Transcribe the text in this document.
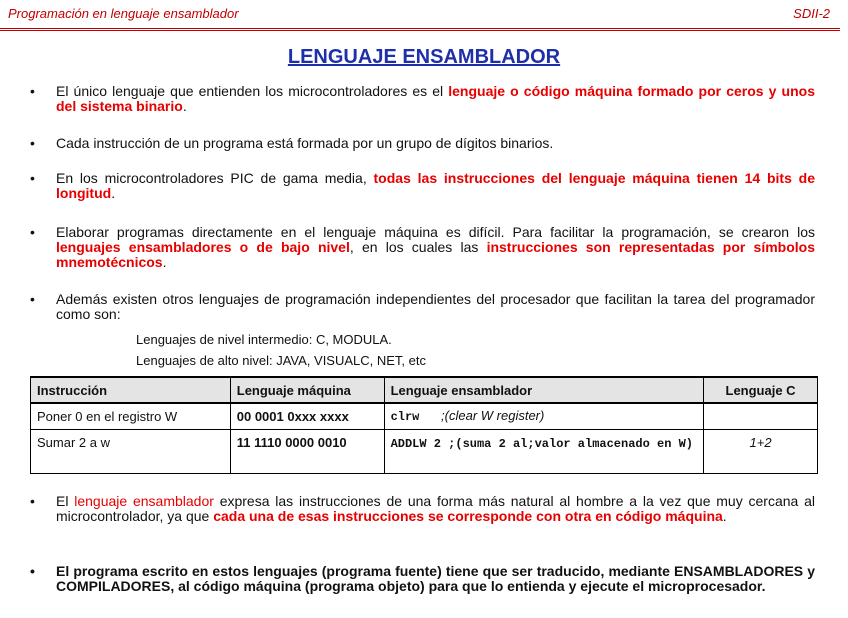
Programación en lenguaje ensamblador	SDII-2
LENGUAJE ENSAMBLADOR
• El único lenguaje que entienden los microcontroladores es el lenguaje o código máquina formado por ceros y unos del sistema binario.
• Cada instrucción de un programa está formada por un grupo de dígitos binarios.
• En los microcontroladores PIC de gama media, todas las instrucciones del lenguaje máquina tienen 14 bits de longitud.
• Elaborar programas directamente en el lenguaje máquina es difícil. Para facilitar la programación, se crearon los lenguajes ensambladores o de bajo nivel, en los cuales las instrucciones son representadas por símbolos mnemotécnicos.
• Además existen otros lenguajes de programación independientes del procesador que facilitan la tarea del programador como son:
Lenguajes de nivel intermedio: C, MODULA.
Lenguajes de alto nivel: JAVA, VISUALC, NET, etc
Instrucción	Lenguaje máquina	Lenguaje ensamblador	Lenguaje C
Poner 0 en el registro W	00 0001 0xxx xxxx	clrw ;(clear W register)	
Sumar 2 a w	11 1110 0000 0010	ADDLW 2 ;(suma 2 al;valor almacenado en W)	1+2
• El lenguaje ensamblador expresa las instrucciones de una forma más natural al hombre a la vez que muy cercana al microcontrolador, ya que cada una de esas instrucciones se corresponde con otra en código máquina.
• El programa escrito en estos lenguajes (programa fuente) tiene que ser traducido, mediante ENSAMBLADORES y COMPILADORES, al código máquina (programa objeto) para que lo entienda y ejecute el microprocesador.
